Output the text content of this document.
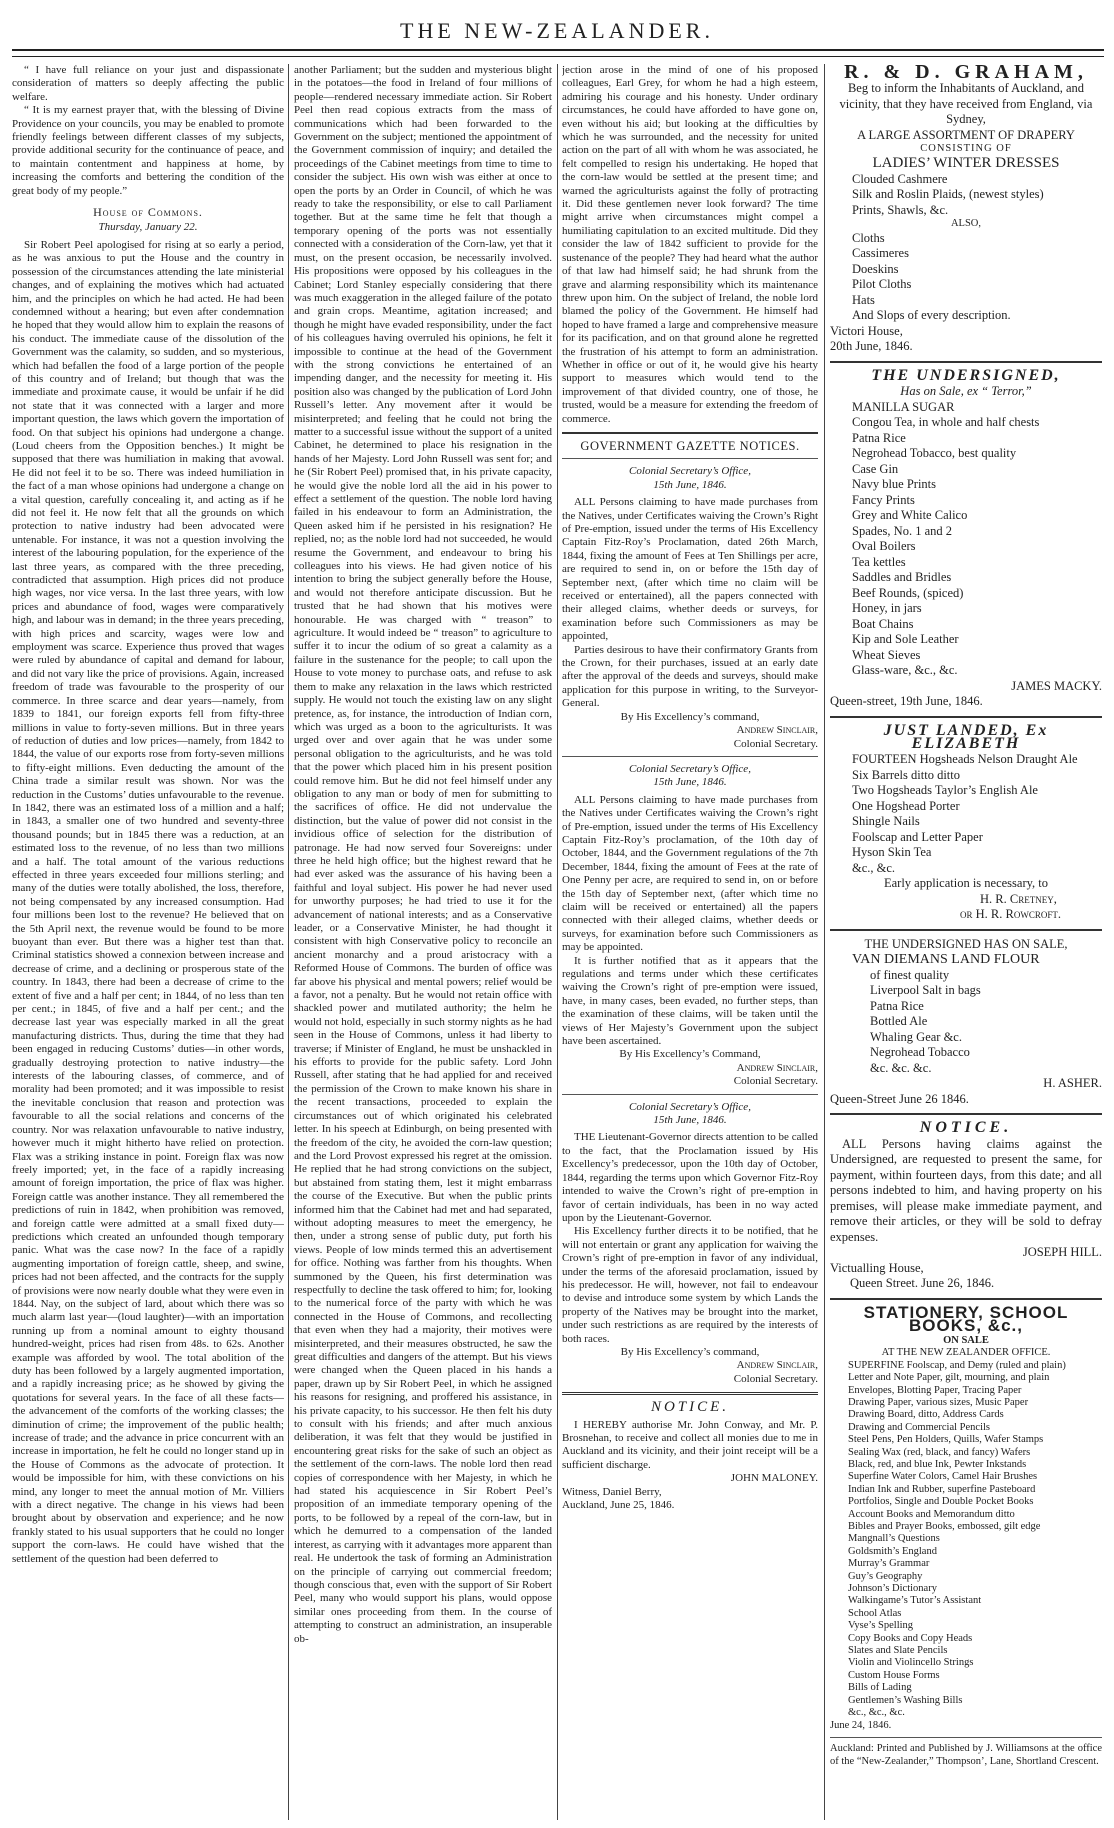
THE NEW-ZEALANDER.

“ I have full reliance on your just and dispassionate consideration of matters so deeply affecting the public welfare.

“ It is my earnest prayer that, with the blessing of Divine Providence on your councils, you may be enabled to promote friendly feelings between different classes of my subjects, provide additional security for the continuance of peace, and to maintain contentment and happiness at home, by increasing the comforts and bettering the condition of the great body of my people.”

House of Commons.
Thursday, January 22.

Sir Robert Peel apologised for rising at so early a period, as he was anxious to put the House and the country in possession of the circumstances attending the late ministerial changes, and of explaining the motives which had actuated him, and the principles on which he had acted. He had been condemned without a hearing; but even after condemnation he hoped that they would allow him to explain the reasons of his conduct. The immediate cause of the dissolution of the Government was the calamity, so sudden, and so mysterious, which had befallen the food of a large portion of the people of this country and of Ireland; but though that was the immediate and proximate cause, it would be unfair if he did not state that it was connected with a larger and more important question, the laws which govern the importation of food. On that subject his opinions had undergone a change. (Loud cheers from the Opposition benches.) It might be supposed that there was humiliation in making that avowal. He did not feel it to be so. There was indeed humiliation in the fact of a man whose opinions had undergone a change on a vital question, carefully concealing it, and acting as if he did not feel it. He now felt that all the grounds on which protection to native industry had been advocated were untenable. For instance, it was not a question involving the interest of the labouring population, for the experience of the last three years, as compared with the three preceding, contradicted that assumption. High prices did not produce high wages, nor vice versa. In the last three years, with low prices and abundance of food, wages were comparatively high, and labour was in demand; in the three years preceding, with high prices and scarcity, wages were low and employment was scarce. Experience thus proved that wages were ruled by abundance of capital and demand for labour, and did not vary like the price of provisions. Again, increased freedom of trade was favourable to the prosperity of our commerce. In three scarce and dear years—namely, from 1839 to 1841, our foreign exports fell from fifty-three millions in value to forty-seven millions. But in three years of reduction of duties and low prices—namely, from 1842 to 1844, the value of our exports rose from forty-seven millions to fifty-eight millions. Even deducting the amount of the China trade a similar result was shown. Nor was the reduction in the Customs’ duties unfavourable to the revenue. In 1842, there was an estimated loss of a million and a half; in 1843, a smaller one of two hundred and seventy-three thousand pounds; but in 1845 there was a reduction, at an estimated loss to the revenue, of no less than two millions and a half. The total amount of the various reductions effected in three years exceeded four millions sterling; and many of the duties were totally abolished, the loss, therefore, not being compensated by any increased consumption. Had four millions been lost to the revenue? He believed that on the 5th April next, the revenue would be found to be more buoyant than ever. But there was a higher test than that. Criminal statistics showed a connexion between increase and decrease of crime, and a declining or prosperous state of the country. In 1843, there had been a decrease of crime to the extent of five and a half per cent; in 1844, of no less than ten per cent.; in 1845, of five and a half per cent.; and the decrease last year was especially marked in all the great manufacturing districts. Thus, during the time that they had been engaged in reducing Customs’ duties—in other words, gradually destroying protection to native industry—the interests of the labouring classes, of commerce, and of morality had been promoted; and it was impossible to resist the inevitable conclusion that reason and protection was favourable to all the social relations and concerns of the country. Nor was relaxation unfavourable to native industry, however much it might hitherto have relied on protection. Flax was a striking instance in point. Foreign flax was now freely imported; yet, in the face of a rapidly increasing amount of foreign importation, the price of flax was higher. Foreign cattle was another instance. They all remembered the predictions of ruin in 1842, when prohibition was removed, and foreign cattle were admitted at a small fixed duty—predictions which created an unfounded though temporary panic. What was the case now? In the face of a rapidly augmenting importation of foreign cattle, sheep, and swine, prices had not been affected, and the contracts for the supply of provisions were now nearly double what they were even in 1844. Nay, on the subject of lard, about which there was so much alarm last year—(loud laughter)—with an importation running up from a nominal amount to eighty thousand hundred-weight, prices had risen from 48s. to 62s. Another example was afforded by wool. The total abolition of the duty has been followed by a largely augmented importation, and a rapidly increasing price; as he showed by giving the quotations for several years. In the face of all these facts—the advancement of the comforts of the working classes; the diminution of crime; the improvement of the public health; increase of trade; and the advance in price concurrent with an increase in importation, he felt he could no longer stand up in the House of Commons as the advocate of protection. It would be impossible for him, with these convictions on his mind, any longer to meet the annual motion of Mr. Villiers with a direct negative. The change in his views had been brought about by observation and experience; and he now frankly stated to his usual supporters that he could no longer support the corn-laws. He could have wished that the settlement of the question had been deferred to

another Parliament; but the sudden and mysterious blight in the potatoes—the food in Ireland of four millions of people—rendered necessary immediate action. Sir Robert Peel then read copious extracts from the mass of communications which had been forwarded to the Government on the subject; mentioned the appointment of the Government commission of inquiry; and detailed the proceedings of the Cabinet meetings from time to time to consider the subject. His own wish was either at once to open the ports by an Order in Council, of which he was ready to take the responsibility, or else to call Parliament together. But at the same time he felt that though a temporary opening of the ports was not essentially connected with a consideration of the Corn-law, yet that it must, on the present occasion, be necessarily involved. His propositions were opposed by his colleagues in the Cabinet; Lord Stanley especially considering that there was much exaggeration in the alleged failure of the potato and grain crops. Meantime, agitation increased; and though he might have evaded responsibility, under the fact of his colleagues having overruled his opinions, he felt it impossible to continue at the head of the Government with the strong convictions he entertained of an impending danger, and the necessity for meeting it. His position also was changed by the publication of Lord John Russell’s letter. Any movement after it would be misinterpreted; and feeling that he could not bring the matter to a successful issue without the support of a united Cabinet, he determined to place his resignation in the hands of her Majesty. Lord John Russell was sent for; and he (Sir Robert Peel) promised that, in his private capacity, he would give the noble lord all the aid in his power to effect a settlement of the question. The noble lord having failed in his endeavour to form an Administration, the Queen asked him if he persisted in his resignation? He replied, no; as the noble lord had not succeeded, he would resume the Government, and endeavour to bring his colleagues into his views. He had given notice of his intention to bring the subject generally before the House, and would not therefore anticipate discussion. But he trusted that he had shown that his motives were honourable. He was charged with “ treason” to agriculture. It would indeed be “ treason” to agriculture to suffer it to incur the odium of so great a calamity as a failure in the sustenance for the people; to call upon the House to vote money to purchase oats, and refuse to ask them to make any relaxation in the laws which restricted supply. He would not touch the existing law on any slight pretence, as, for instance, the introduction of Indian corn, which was urged as a boon to the agriculturists. It was urged over and over again that he was under some personal obligation to the agriculturists, and he was told that the power which placed him in his present position could remove him. But he did not feel himself under any obligation to any man or body of men for submitting to the sacrifices of office. He did not undervalue the distinction, but the value of power did not consist in the invidious office of selection for the distribution of patronage. He had now served four Sovereigns: under three he held high office; but the highest reward that he had ever asked was the assurance of his having been a faithful and loyal subject. His power he had never used for unworthy purposes; he had tried to use it for the advancement of national interests; and as a Conservative leader, or a Conservative Minister, he had thought it consistent with high Conservative policy to reconcile an ancient monarchy and a proud aristocracy with a Reformed House of Commons. The burden of office was far above his physical and mental powers; relief would be a favor, not a penalty. But he would not retain office with shackled power and mutilated authority; the helm he would not hold, especially in such stormy nights as he had seen in the House of Commons, unless it had liberty to traverse; if Minister of England, he must be unshackled in his efforts to provide for the public safety. Lord John Russell, after stating that he had applied for and received the permission of the Crown to make known his share in the recent transactions, proceeded to explain the circumstances out of which originated his celebrated letter. In his speech at Edinburgh, on being presented with the freedom of the city, he avoided the corn-law question; and the Lord Provost expressed his regret at the omission. He replied that he had strong convictions on the subject, but abstained from stating them, lest it might embarrass the course of the Executive. But when the public prints informed him that the Cabinet had met and had separated, without adopting measures to meet the emergency, he then, under a strong sense of public duty, put forth his views. People of low minds termed this an advertisement for office. Nothing was farther from his thoughts. When summoned by the Queen, his first determination was respectfully to decline the task offered to him; for, looking to the numerical force of the party with which he was connected in the House of Commons, and recollecting that even when they had a majority, their motives were misinterpreted, and their measures obstructed, he saw the great difficulties and dangers of the attempt. But his views were changed when the Queen placed in his hands a paper, drawn up by Sir Robert Peel, in which he assigned his reasons for resigning, and proffered his assistance, in his private capacity, to his successor. He then felt his duty to consult with his friends; and after much anxious deliberation, it was felt that they would be justified in encountering great risks for the sake of such an object as the settlement of the corn-laws. The noble lord then read copies of correspondence with her Majesty, in which he had stated his acquiescence in Sir Robert Peel’s proposition of an immediate temporary opening of the ports, to be followed by a repeal of the corn-law, but in which he demurred to a compensation of the landed interest, as carrying with it advantages more apparent than real. He undertook the task of forming an Administration on the principle of carrying out commercial freedom; though conscious that, even with the support of Sir Robert Peel, many who would support his plans, would oppose similar ones proceeding from them. In the course of attempting to construct an administration, an insuperable ob-

jection arose in the mind of one of his proposed colleagues, Earl Grey, for whom he had a high esteem, admiring his courage and his honesty. Under ordinary circumstances, he could have afforded to have gone on, even without his aid; but looking at the difficulties by which he was surrounded, and the necessity for united action on the part of all with whom he was associated, he felt compelled to resign his undertaking. He hoped that the corn-law would be settled at the present time; and warned the agriculturists against the folly of protracting it. Did these gentlemen never look forward? The time might arrive when circumstances might compel a humiliating capitulation to an excited multitude. Did they consider the law of 1842 sufficient to provide for the sustenance of the people? They had heard what the author of that law had himself said; he had shrunk from the grave and alarming responsibility which its maintenance threw upon him. On the subject of Ireland, the noble lord blamed the policy of the Government. He himself had hoped to have framed a large and comprehensive measure for its pacification, and on that ground alone he regretted the frustration of his attempt to form an administration. Whether in office or out of it, he would give his hearty support to measures which would tend to the improvement of that divided country, one of those, he trusted, would be a measure for extending the freedom of commerce.

GOVERNMENT GAZETTE NOTICES.
Colonial Secretary’s Office,
15th June, 1846.

ALL Persons claiming to have made purchases from the Natives, under Certificates waiving the Crown’s Right of Pre-emption, issued under the terms of His Excellency Captain Fitz-Roy’s Proclamation, dated 26th March, 1844, fixing the amount of Fees at Ten Shillings per acre, are required to send in, on or before the 15th day of September next, (after which time no claim will be received or entertained), all the papers connected with their alleged claims, whether deeds or surveys, for examination before such Commissioners as may be appointed,

Parties desirous to have their confirmatory Grants from the Crown, for their purchases, issued at an early date after the approval of the deeds and surveys, should make application for this purpose in writing, to the Surveyor-General.

By His Excellency’s command,

Andrew Sinclair,
Colonial Secretary.
Colonial Secretary’s Office,
15th June, 1846.

ALL Persons claiming to have made purchases from the Natives under Certificates waiving the Crown’s right of Pre-emption, issued under the terms of His Excellency Captain Fitz-Roy’s proclamation, of the 10th day of October, 1844, and the Government regulations of the 7th December, 1844, fixing the amount of Fees at the rate of One Penny per acre, are required to send in, on or before the 15th day of September next, (after which time no claim will be received or entertained) all the papers connected with their alleged claims, whether deeds or surveys, for examination before such Commissioners as may be appointed.

It is further notified that as it appears that the regulations and terms under which these certificates waiving the Crown’s right of pre-emption were issued, have, in many cases, been evaded, no further steps, than the examination of these claims, will be taken until the views of Her Majesty’s Government upon the subject have been ascertained.

By His Excellency’s Command,

Andrew Sinclair,
Colonial Secretary.
Colonial Secretary’s Office,
15th June, 1846.

THE Lieutenant-Governor directs attention to be called to the fact, that the Proclamation issued by His Excellency’s predecessor, upon the 10th day of October, 1844, regarding the terms upon which Governor Fitz-Roy intended to waive the Crown’s right of pre-emption in favor of certain individuals, has been in no way acted upon by the Lieutenant-Governor.

His Excellency further directs it to be notified, that he will not entertain or grant any application for waiving the Crown’s right of pre-emption in favor of any individual, under the terms of the aforesaid proclamation, issued by his predecessor. He will, however, not fail to endeavour to devise and introduce some system by which Lands the property of the Natives may be brought into the market, under such restrictions as are required by the interests of both races.

By His Excellency’s command,

Andrew Sinclair,
Colonial Secretary.
NOTICE.

I HEREBY authorise Mr. John Conway, and Mr. P. Brosnehan, to receive and collect all monies due to me in Auckland and its vicinity, and their joint receipt will be a sufficient discharge.

JOHN MALONEY.
Witness, Daniel Berry,
Auckland, June 25, 1846.
R. & D. GRAHAM,
Beg to inform the Inhabitants of Auckland, and vicinity, that they have received from England, via Sydney,
A LARGE ASSORTMENT OF DRAPERY
CONSISTING OF
LADIES’ WINTER DRESSES
Clouded Cashmere
Silk and Roslin Plaids, (newest styles)
Prints, Shawls, &c.
ALSO,
Cloths
Cassimeres
Doeskins
Pilot Cloths
Hats
And Slops of every description.
Victori House,
20th June, 1846.
THE UNDERSIGNED,
Has on Sale, ex “ Terror,”
MANILLA SUGAR
Congou Tea, in whole and half chests
Patna Rice
Negrohead Tobacco, best quality
Case Gin
Navy blue Prints
Fancy Prints
Grey and White Calico
Spades, No. 1 and 2
Oval Boilers
Tea kettles
Saddles and Bridles
Beef Rounds, (spiced)
Honey, in jars
Boat Chains
Kip and Sole Leather
Wheat Sieves
Glass-ware, &c., &c.
JAMES MACKY.
Queen-street, 19th June, 1846.
JUST LANDED, Ex ELIZABETH
FOURTEEN Hogsheads Nelson Draught Ale
Six Barrels ditto ditto
Two Hogsheads Taylor’s English Ale
One Hogshead Porter
Shingle Nails
Foolscap and Letter Paper
Hyson Skin Tea
&c., &c.
Early application is necessary, to
H. R. Cretney,
or H. R. Rowcroft.
THE UNDERSIGNED HAS ON SALE,
VAN DIEMANS LAND FLOUR
of finest quality
Liverpool Salt in bags
Patna Rice
Bottled Ale
Whaling Gear &c.
Negrohead Tobacco
&c. &c. &c.
H. ASHER.
Queen-Street June 26 1846.
NOTICE.

ALL Persons having claims against the Undersigned, are requested to present the same, for payment, within fourteen days, from this date; and all persons indebted to him, and having property on his premises, will please make immediate payment, and remove their articles, or they will be sold to defray expenses.

JOSEPH HILL.
Victualling House,
Queen Street. June 26, 1846.
STATIONERY, SCHOOL BOOKS, &c.,
ON SALE
AT THE NEW ZEALANDER OFFICE.
SUPERFINE Foolscap, and Demy (ruled and plain)
Letter and Note Paper, gilt, mourning, and plain
Envelopes, Blotting Paper, Tracing Paper
Drawing Paper, various sizes, Music Paper
Drawing Board, ditto, Address Cards
Drawing and Commercial Pencils
Steel Pens, Pen Holders, Quills, Wafer Stamps
Sealing Wax (red, black, and fancy) Wafers
Black, red, and blue Ink, Pewter Inkstands
Superfine Water Colors, Camel Hair Brushes
Indian Ink and Rubber, superfine Pasteboard
Portfolios, Single and Double Pocket Books
Account Books and Memorandum ditto
Bibles and Prayer Books, embossed, gilt edge
Mangnall’s Questions
Goldsmith’s England
Murray’s Grammar
Guy’s Geography
Johnson’s Dictionary
Walkingame’s Tutor’s Assistant
School Atlas
Vyse’s Spelling
Copy Books and Copy Heads
Slates and Slate Pencils
Violin and Violincello Strings
Custom House Forms
Bills of Lading
Gentlemen’s Washing Bills
&c., &c., &c.
June 24, 1846.
Auckland: Printed and Published by J. Williamsons at the office of the “New-Zealander,” Thompson’, Lane, Shortland Crescent.
